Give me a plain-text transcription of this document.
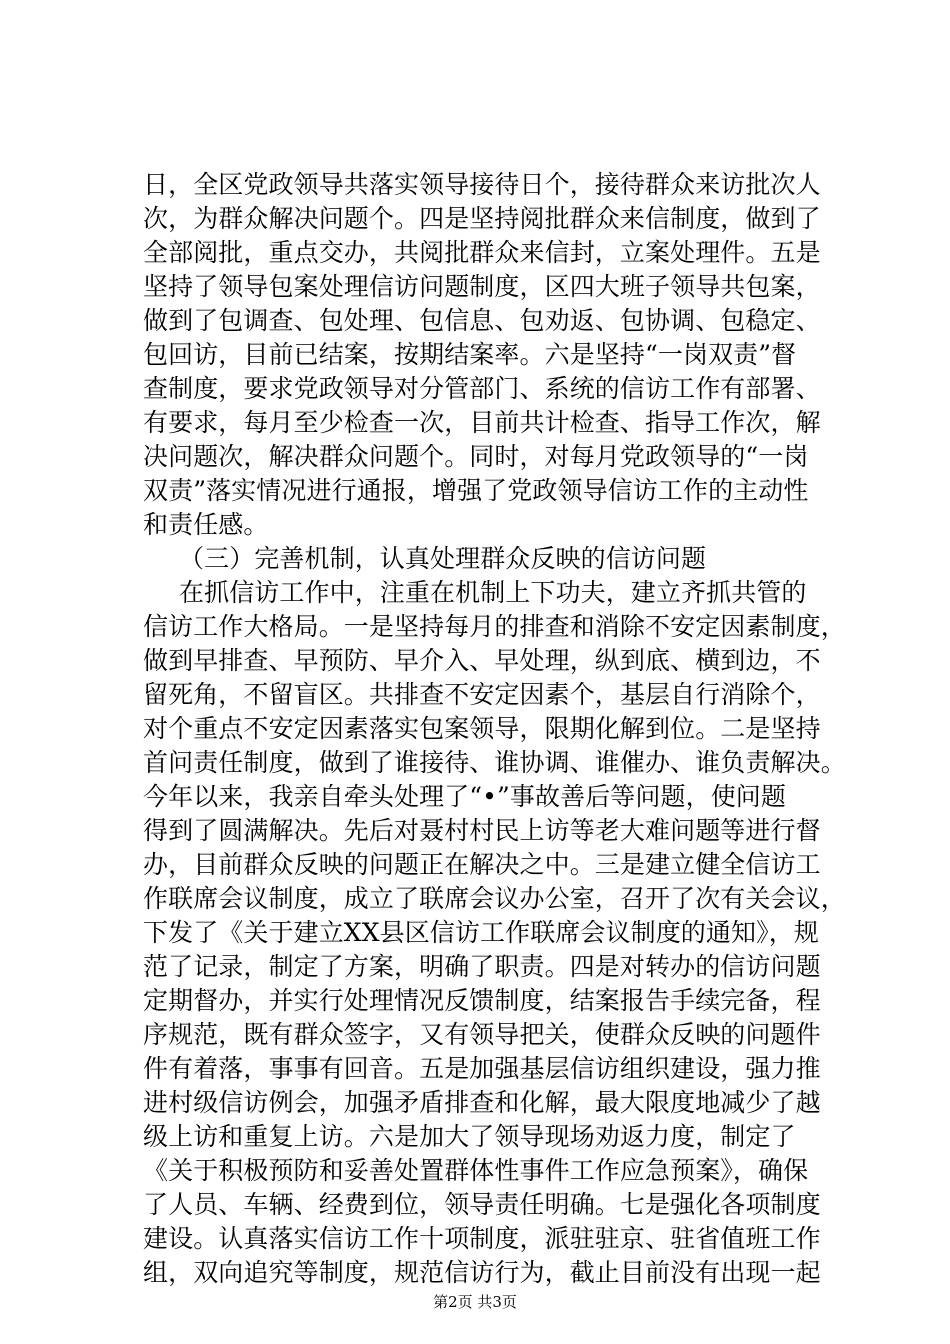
日，全区党政领导共落实领导接待日个，接待群众来访批次人
次，为群众解决问题个。四是坚持阅批群众来信制度，做到了
全部阅批，重点交办，共阅批群众来信封，立案处理件。五是
坚持了领导包案处理信访问题制度，区四大班子领导共包案，
做到了包调查、包处理、包信息、包劝返、包协调、包稳定、
包回访，目前已结案，按期结案率。六是坚持“一岗双责”督
查制度，要求党政领导对分管部门、系统的信访工作有部署、
有要求，每月至少检查一次，目前共计检查、指导工作次，解
决问题次，解决群众问题个。同时，对每月党政领导的“一岗
双责”落实情况进行通报，增强了党政领导信访工作的主动性
和责任感。
（三）完善机制，认真处理群众反映的信访问题
在抓信访工作中，注重在机制上下功夫，建立齐抓共管的
信访工作大格局。一是坚持每月的排查和消除不安定因素制度，
做到早排查、早预防、早介入、早处理，纵到底、横到边，不
留死角，不留盲区。共排查不安定因素个，基层自行消除个，
对个重点不安定因素落实包案领导，限期化解到位。二是坚持
首问责任制度，做到了谁接待、谁协调、谁催办、谁负责解决。
今年以来，我亲自牵头处理了“•”事故善后等问题，使问题
得到了圆满解决。先后对聂村村民上访等老大难问题等进行督
办，目前群众反映的问题正在解决之中。三是建立健全信访工
作联席会议制度，成立了联席会议办公室，召开了次有关会议，
下发了《关于建立XX县区信访工作联席会议制度的通知》，规
范了记录，制定了方案，明确了职责。四是对转办的信访问题
定期督办，并实行处理情况反馈制度，结案报告手续完备，程
序规范，既有群众签字，又有领导把关，使群众反映的问题件
件有着落，事事有回音。五是加强基层信访组织建设，强力推
进村级信访例会，加强矛盾排查和化解，最大限度地减少了越
级上访和重复上访。六是加大了领导现场劝返力度，制定了
《关于积极预防和妥善处置群体性事件工作应急预案》，确保
了人员、车辆、经费到位，领导责任明确。七是强化各项制度
建设。认真落实信访工作十项制度，派驻驻京、驻省值班工作
组，双向追究等制度，规范信访行为，截止目前没有出现一起
第2页 共3页
